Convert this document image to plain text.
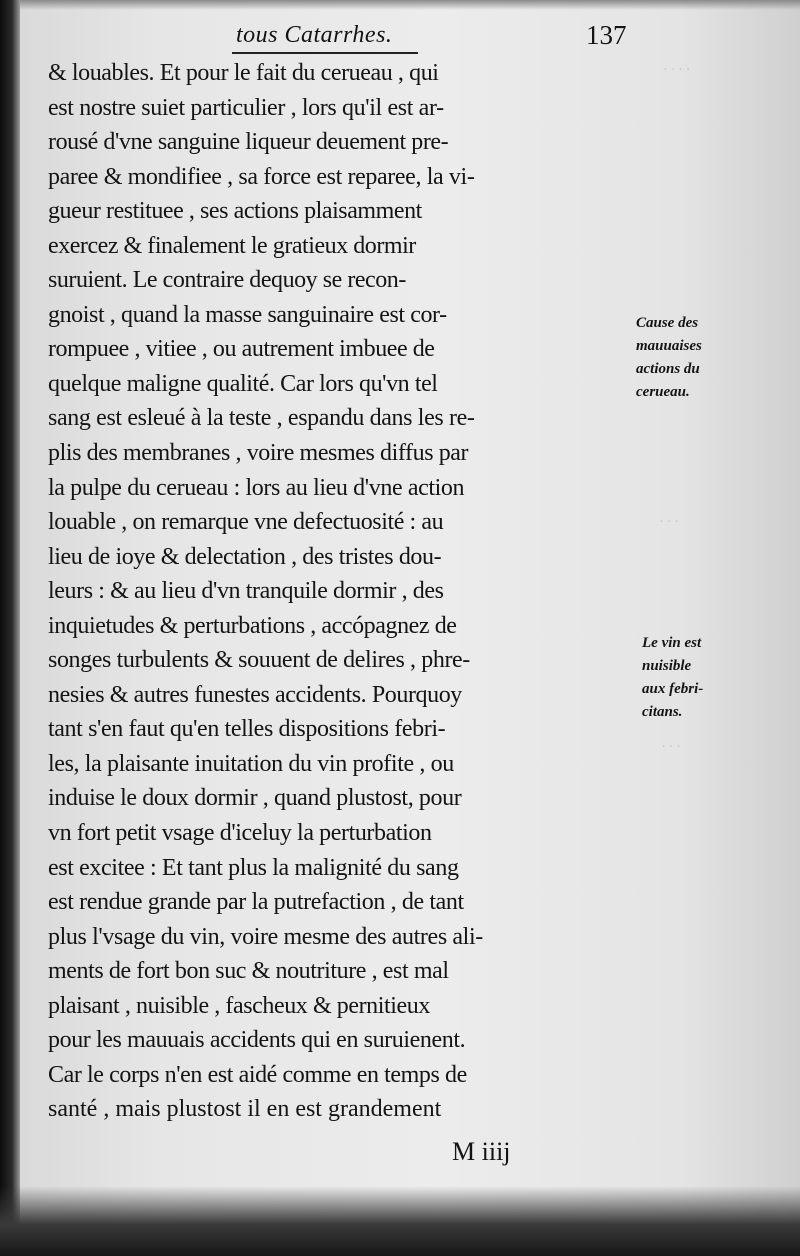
. . . .
. . .
. . .
tous Catarrhes.	137
& louables. Et pour le fait du cerueau , qui
est nostre suiet particulier , lors qu'il est ar-
rousé d'vne sanguine liqueur deuement pre-
paree & mondifiee , sa force est reparee, la vi-
gueur restituee , ses actions plaisamment
exercez & finalement le gratieux dormir
suruient. Le contraire dequoy se recon-
gnoist , quand la masse sanguinaire est cor-
rompuee , vitiee , ou autrement imbuee de
quelque maligne qualité. Car lors qu'vn tel
sang est esleué à la teste , espandu dans les re-
plis des membranes , voire mesmes diffus par
la pulpe du cerueau : lors au lieu d'vne action
louable , on remarque vne defectuosité : au
lieu de ioye & delectation , des tristes dou-
leurs : & au lieu d'vn tranquile dormir , des
inquietudes & perturbations , accópagnez de
songes turbulents & souuent de delires , phre-
nesies & autres funestes accidents. Pourquoy
tant s'en faut qu'en telles dispositions febri-
les, la plaisante inuitation du vin profite , ou
induise le doux dormir , quand plustost, pour
vn fort petit vsage d'iceluy la perturbation
est excitee : Et tant plus la malignité du sang
est rendue grande par la putrefaction , de tant
plus l'vsage du vin, voire mesme des autres ali-
ments de fort bon suc & noutriture , est mal
plaisant , nuisible , fascheux & pernitieux
pour les mauuais accidents qui en suruienent.
Car le corps n'en est aidé comme en temps de
santé , mais plustost il en est grandement
Cause des
mauuaises
actions du
cerueau.
Le vin est
nuisible
aux febri-
citans.
M iiij
